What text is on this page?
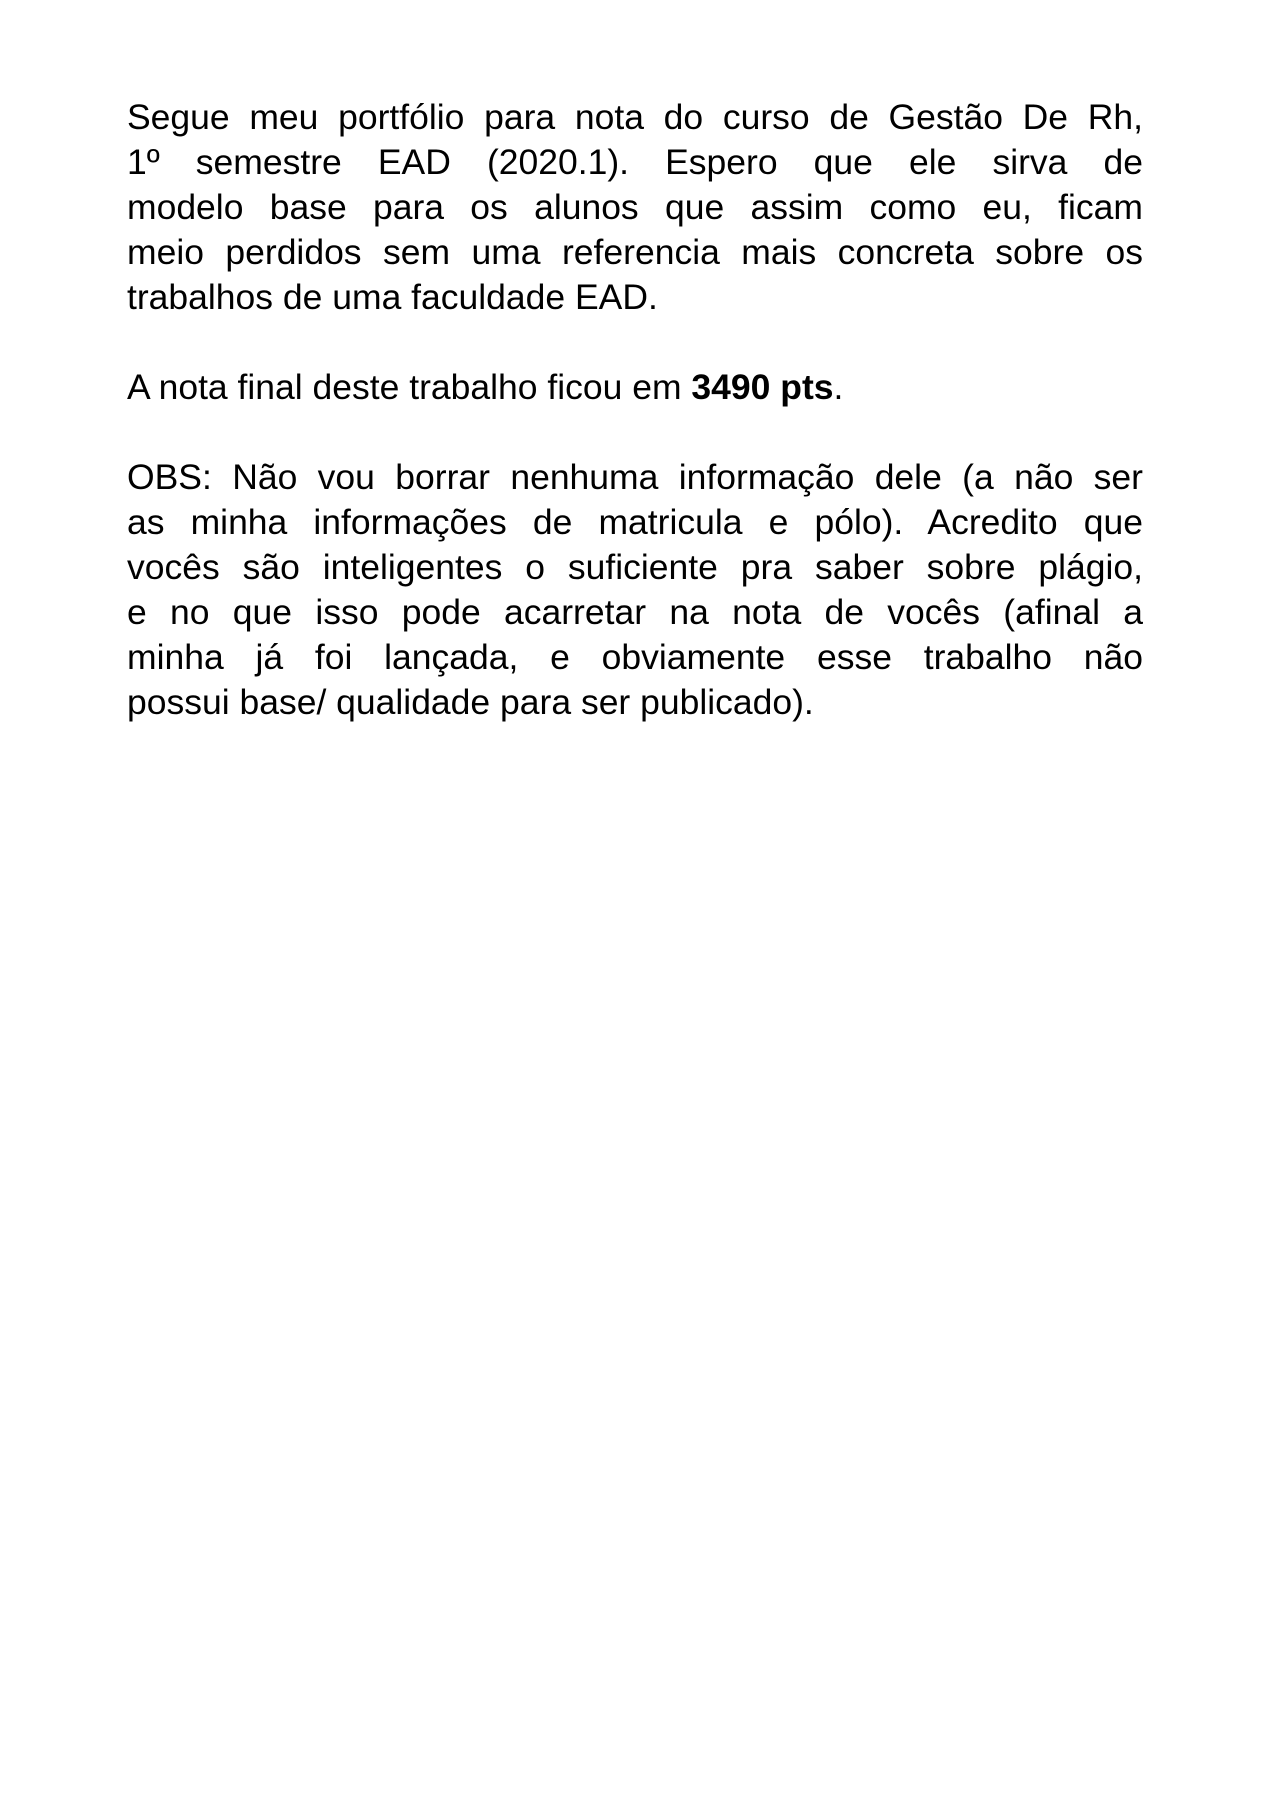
Segue meu portfólio para nota do curso de Gestão De Rh,
1º semestre EAD (2020.1). Espero que ele sirva de
modelo base para os alunos que assim como eu, ficam
meio perdidos sem uma referencia mais concreta sobre os
trabalhos de uma faculdade EAD.

A nota final deste trabalho ficou em 3490 pts.

OBS: Não vou borrar nenhuma informação dele (a não ser
as minha informações de matricula e pólo). Acredito que
vocês são inteligentes o suficiente pra saber sobre plágio,
e no que isso pode acarretar na nota de vocês (afinal a
minha já foi lançada, e obviamente esse trabalho não
possui base/ qualidade para ser publicado).
